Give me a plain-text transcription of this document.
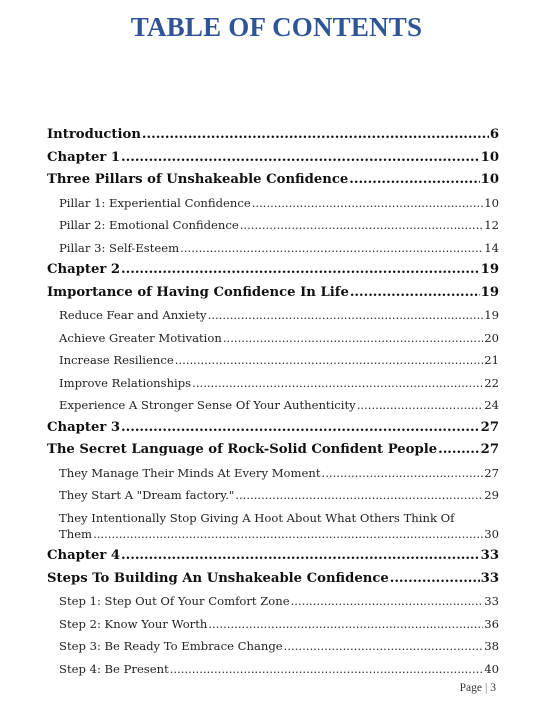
TABLE OF CONTENTS
Introduction .....	6
Chapter 1 .....	10
Three Pillars of Unshakeable Confidence .....	10
Pillar 1: Experiential Confidence .....	10
Pillar 2: Emotional Confidence .....	12
Pillar 3: Self-Esteem .....	14
Chapter 2 .....	19
Importance of Having Confidence In Life .....	19
Reduce Fear and Anxiety .....	19
Achieve Greater Motivation .....	20
Increase Resilience .....	21
Improve Relationships .....	22
Experience A Stronger Sense Of Your Authenticity .....	24
Chapter 3 .....	27
The Secret Language of Rock-Solid Confident People .....	27
They Manage Their Minds At Every Moment .....	27
They Start A "Dream factory." .....	29
They Intentionally Stop Giving A Hoot About What Others Think Of
Them .....	30
Chapter 4 .....	33
Steps To Building An Unshakeable Confidence .....	33
Step 1: Step Out Of Your Comfort Zone .....	33
Step 2: Know Your Worth .....	36
Step 3: Be Ready To Embrace Change .....	38
Step 4: Be Present .....	40
Page | 3
